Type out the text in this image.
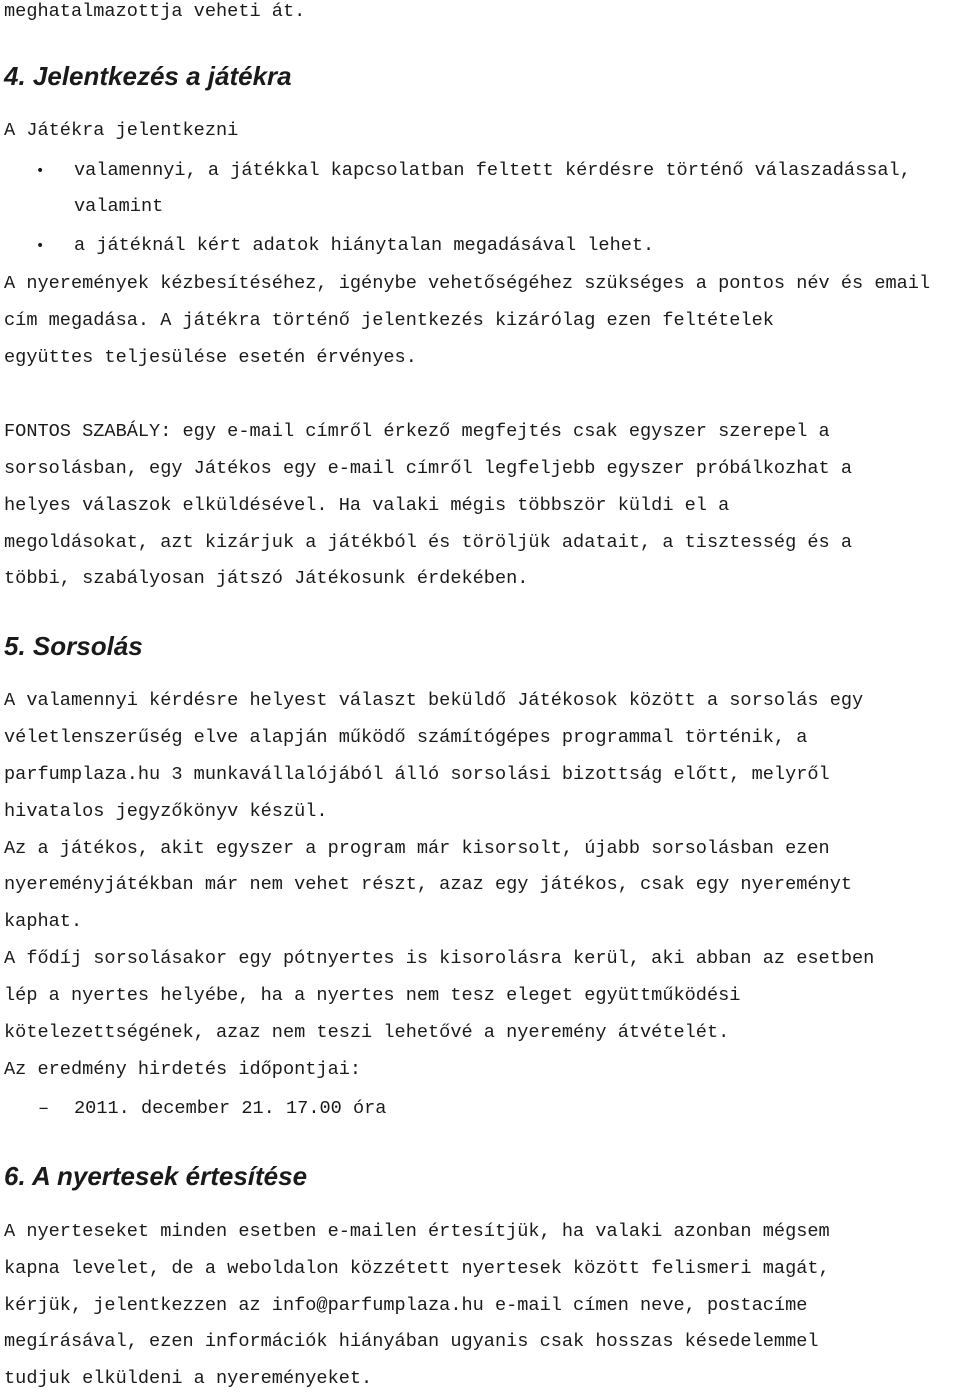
meghatalmazottja veheti át.
4. Jelentkezés a játékra
A Játékra jelentkezni
• valamennyi, a játékkal kapcsolatban feltett kérdésre történő válaszadással,
valamint
• a játéknál kért adatok hiánytalan megadásával lehet.
A nyeremények kézbesítéséhez, igénybe vehetőségéhez szükséges a pontos név és email
cím megadása. A játékra történő jelentkezés kizárólag ezen feltételek
együttes teljesülése esetén érvényes.
FONTOS SZABÁLY: egy e-mail címről érkező megfejtés csak egyszer szerepel a
sorsolásban, egy Játékos egy e-mail címről legfeljebb egyszer próbálkozhat a
helyes válaszok elküldésével. Ha valaki mégis többször küldi el a
megoldásokat, azt kizárjuk a játékból és töröljük adatait, a tisztesség és a
többi, szabályosan játszó Játékosunk érdekében.
5. Sorsolás
A valamennyi kérdésre helyest választ beküldő Játékosok között a sorsolás egy
véletlenszerűség elve alapján működő számítógépes programmal történik, a
parfumplaza.hu 3 munkavállalójából álló sorsolási bizottság előtt, melyről
hivatalos jegyzőkönyv készül.
Az a játékos, akit egyszer a program már kisorsolt, újabb sorsolásban ezen
nyereményjátékban már nem vehet részt, azaz egy játékos, csak egy nyereményt
kaphat.
A fődíj sorsolásakor egy pótnyertes is kisorolásra kerül, aki abban az esetben
lép a nyertes helyébe, ha a nyertes nem tesz eleget együttműködési
kötelezettségének, azaz nem teszi lehetővé a nyeremény átvételét.
Az eredmény hirdetés időpontjai:
– 2011. december 21. 17.00 óra
6. A nyertesek értesítése
A nyerteseket minden esetben e-mailen értesítjük, ha valaki azonban mégsem
kapna levelet, de a weboldalon közzétett nyertesek között felismeri magát,
kérjük, jelentkezzen az info@parfumplaza.hu e-mail címen neve, postacíme
megírásával, ezen információk hiányában ugyanis csak hosszas késedelemmel
tudjuk elküldeni a nyereményeket.
